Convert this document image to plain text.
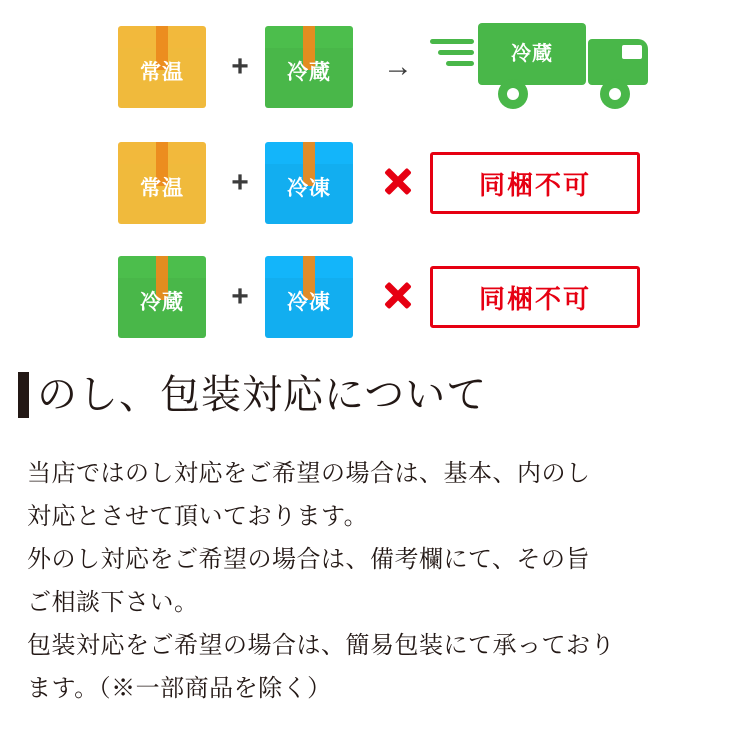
常温	+	冷蔵	→	冷蔵
常温	+	冷凍	同梱不可
冷蔵	+	冷凍	同梱不可
のし、包装対応について

当店ではのし対応をご希望の場合は、基本、内のし

対応とさせて頂いております。

外のし対応をご希望の場合は、備考欄にて、その旨

ご相談下さい。

包装対応をご希望の場合は、簡易包装にて承っており

ます。（※一部商品を除く）
